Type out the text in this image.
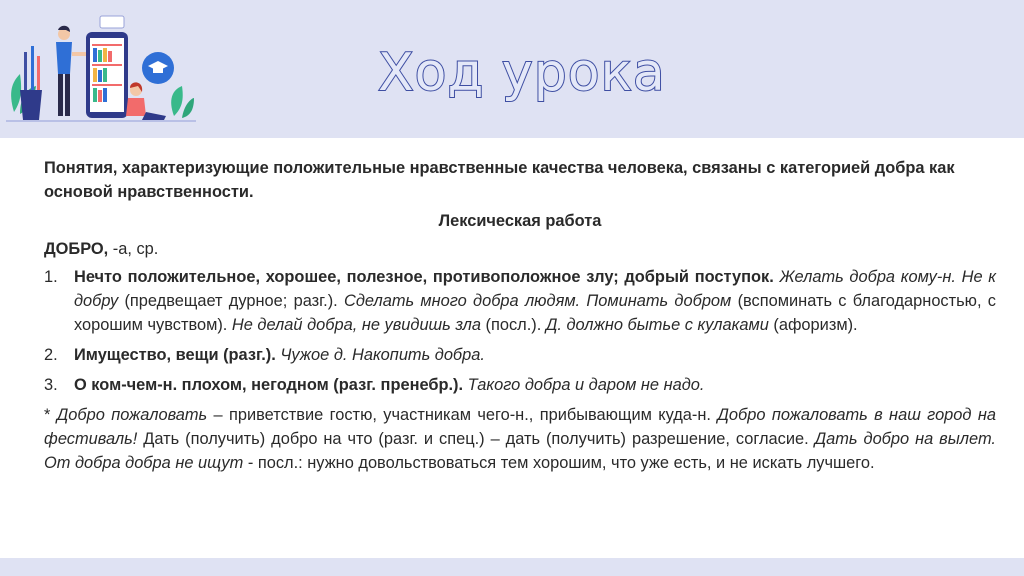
Ход урока

Понятия, характеризующие положительные нравственные качества человека, связаны с категорией добра как основой нравственности.

Лексическая работа
ДОБРО, -а, ср.
1. Нечто положительное, хорошее, полезное, противоположное злу; добрый поступок. Желать добра кому-н. Не к добру (предвещает дурное; разг.). Сделать много добра людям. Поминать добром (вспоминать с благодарностью, с хорошим чувством). Не делай добра, не увидишь зла (посл.). Д. должно бытье с кулаками (афоризм).
2. Имущество, вещи (разг.). Чужое д. Накопить добра.
3. О ком-чем-н. плохом, негодном (разг. пренебр.). Такого добра и даром не надо.

* Добро пожаловать – приветствие гостю, участникам чего-н., прибывающим куда-н. Добро пожаловать в наш город на фестиваль! Дать (получить) добро на что (разг. и спец.) – дать (получить) разрешение, согласие. Дать добро на вылет. От добра добра не ищут - посл.: нужно довольствоваться тем хорошим, что уже есть, и не искать лучшего.
